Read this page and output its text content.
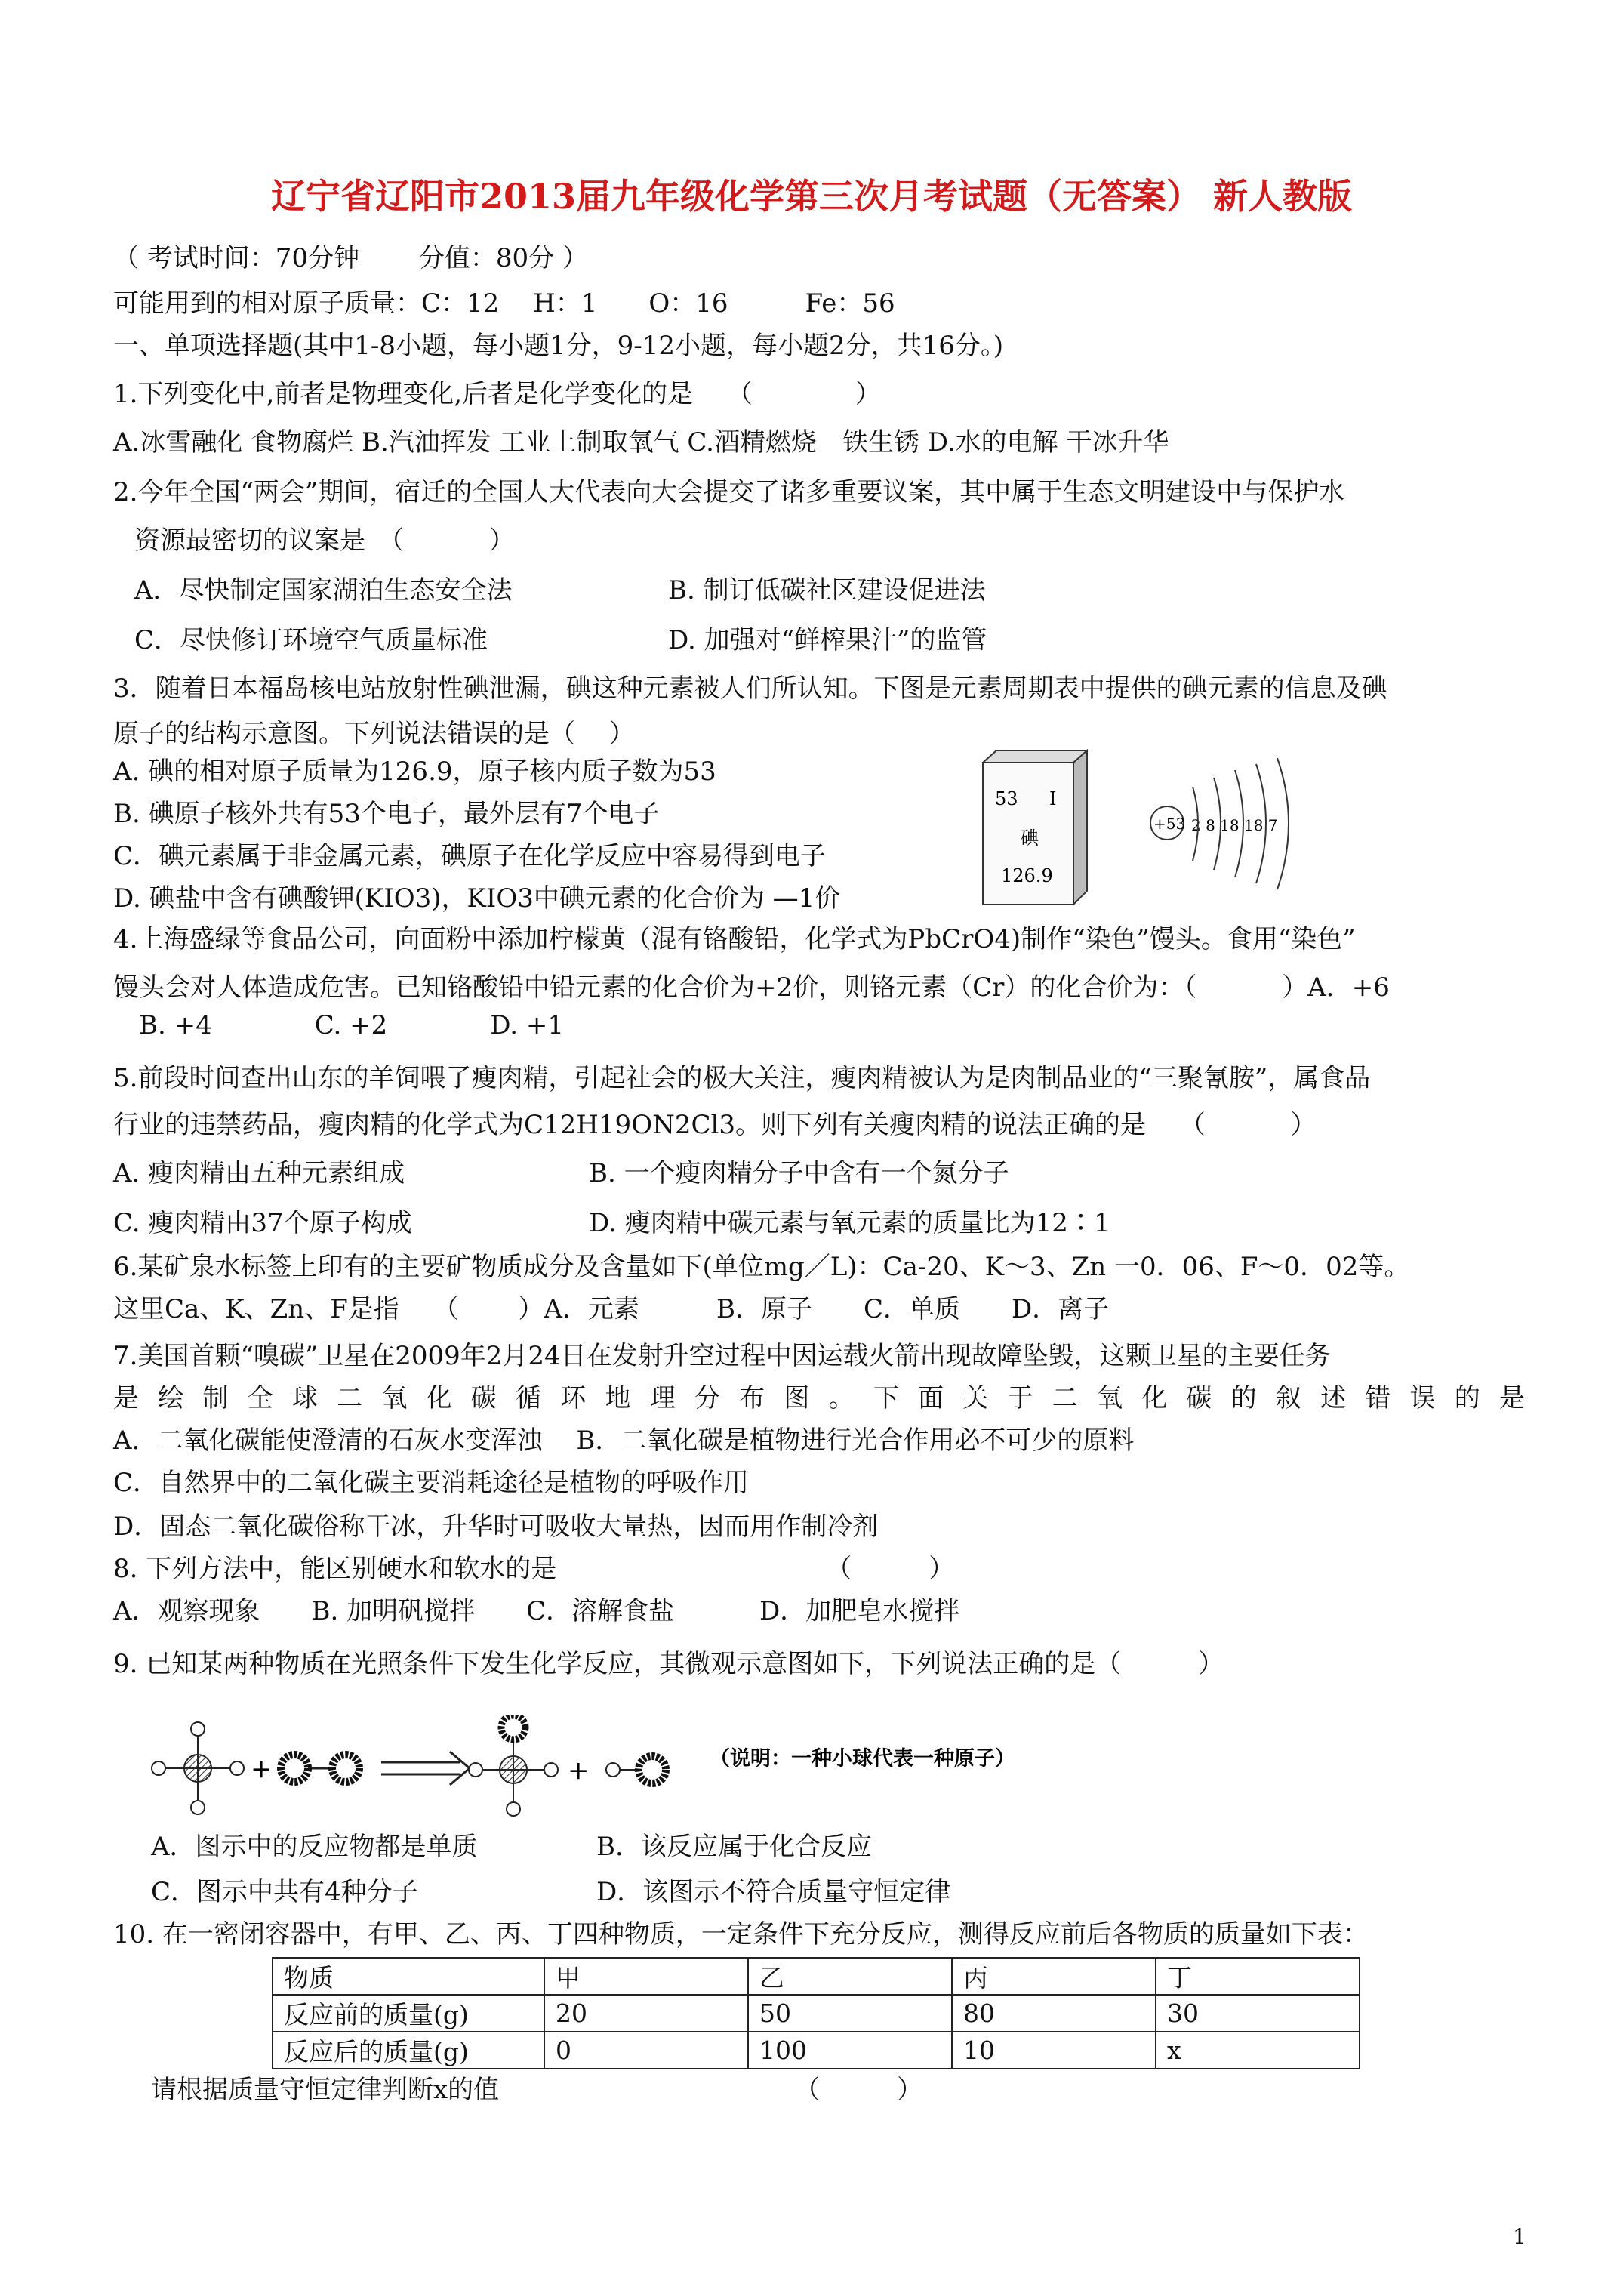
辽宁省辽阳市2013届九年级化学第三次月考试题（无答案） 新人教版
（ 考试时间：70分钟　　 分值：80分 ）
可能用到的相对原子质量：C：12　 H：1　　O：16　　　Fe：56
一、单项选择题(其中1-8小题，每小题1分，9-12小题，每小题2分，共16分。)
1.下列变化中,前者是物理变化,后者是化学变化的是　 （　　　　）
A.冰雪融化 食物腐烂 B.汽油挥发 工业上制取氧气 C.酒精燃烧　铁生锈 D.水的电解 干冰升华
2.今年全国“两会”期间，宿迁的全国人大代表向大会提交了诸多重要议案，其中属于生态文明建设中与保护水
资源最密切的议案是　（　　　 ）
A．尽快制定国家湖泊生态安全法	B. 制订低碳社区建设促进法
C．尽快修订环境空气质量标准	D. 加强对“鲜榨果汁”的监管
3．随着日本福岛核电站放射性碘泄漏，碘这种元素被人们所认知。下图是元素周期表中提供的碘元素的信息及碘
原子的结构示意图。下列说法错误的是（　 ）
A. 碘的相对原子质量为126.9，原子核内质子数为53
B. 碘原子核外共有53个电子，最外层有7个电子
C．碘元素属于非金属元素，碘原子在化学反应中容易得到电子
D. 碘盐中含有碘酸钾(KIO3)，KIO3中碘元素的化合价为 —1价
53 I
碘
126.9
+53 2 8 18 18 7
4.上海盛绿等食品公司，向面粉中添加柠檬黄（混有铬酸铅，化学式为PbCrO4)制作“染色”馒头。食用“染色”
馒头会对人体造成危害。已知铬酸铅中铅元素的化合价为+2价，则铬元素（Cr）的化合价为：（　　　 ）A．+6
　B. +4　　　　C. +2　　　　D. +1
5.前段时间查出山东的羊饲喂了瘦肉精，引起社会的极大关注，瘦肉精被认为是肉制品业的“三聚氰胺”，属食品
行业的违禁药品，瘦肉精的化学式为C12H19ON2Cl3。则下列有关瘦肉精的说法正确的是　 （　　　 ）
A. 瘦肉精由五种元素组成	B. 一个瘦肉精分子中含有一个氮分子
C. 瘦肉精由37个原子构成	D. 瘦肉精中碳元素与氧元素的质量比为12∶1
6.某矿泉水标签上印有的主要矿物质成分及含量如下(单位mg／L)：Ca-20、K～3、Zn 一0．06、F～0．02等。
这里Ca、K、Zn、F是指　 （　　 ）A．元素　　　B．原子　　C．单质　　D．离子
7.美国首颗“嗅碳”卫星在2009年2月24日在发射升空过程中因运载火箭出现故障坠毁，这颗卫星的主要任务
是绘制全球二氧化碳循环地理分布图。下面关于二氧化碳的叙述错误的是
A．二氧化碳能使澄清的石灰水变浑浊　 B．二氧化碳是植物进行光合作用必不可少的原料
C．自然界中的二氧化碳主要消耗途径是植物的呼吸作用
D．固态二氧化碳俗称干冰，升华时可吸收大量热，因而用作制冷剂
8. 下列方法中，能区别硬水和软水的是　　　　　　　　　　　（　　　）
A．观察现象　　B. 加明矾搅拌　　C．溶解食盐　　　 D．加肥皂水搅拌
9. 已知某两种物质在光照条件下发生化学反应，其微观示意图如下，下列说法正确的是（　　　）
+	+	（说明：一种小球代表一种原子）
A．图示中的反应物都是单质	B．该反应属于化合反应
C．图示中共有4种分子	D．该图示不符合质量守恒定律
10. 在一密闭容器中，有甲、乙、丙、丁四种物质，一定条件下充分反应，测得反应前后各物质的质量如下表：
物质	甲	乙	丙	丁
反应前的质量(g)	20	50	80	30
反应后的质量(g)	0	100	10	x
请根据质量守恒定律判断x的值　　　　　　　　　　　　（　　　）
1
